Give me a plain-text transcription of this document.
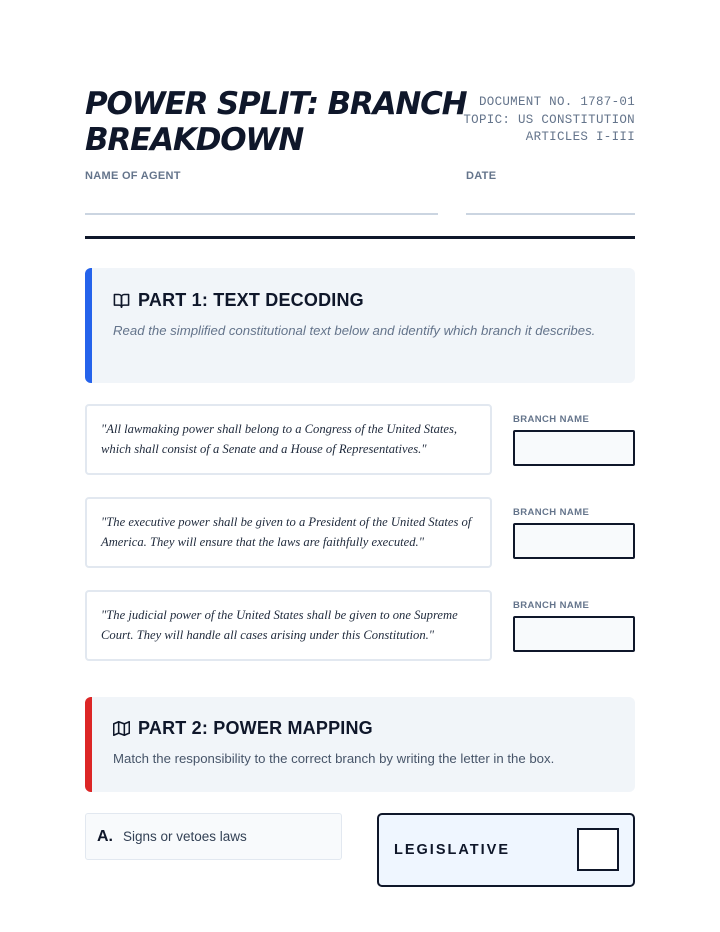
POWER SPLIT: BRANCH BREAKDOWN
DOCUMENT NO. 1787-01
TOPIC: US CONSTITUTION
ARTICLES I-III
NAME OF AGENT	DATE
PART 1: TEXT DECODING
Read the simplified constitutional text below and identify which branch it describes.
"All lawmaking power shall belong to a Congress of the United States, which shall consist of a Senate and a House of Representatives."
BRANCH NAME
"The executive power shall be given to a President of the United States of America. They will ensure that the laws are faithfully executed."
BRANCH NAME
"The judicial power of the United States shall be given to one Supreme Court. They will handle all cases arising under this Constitution."
BRANCH NAME
PART 2: POWER MAPPING
Match the responsibility to the correct branch by writing the letter in the box.
A. Signs or vetoes laws
LEGISLATIVE
